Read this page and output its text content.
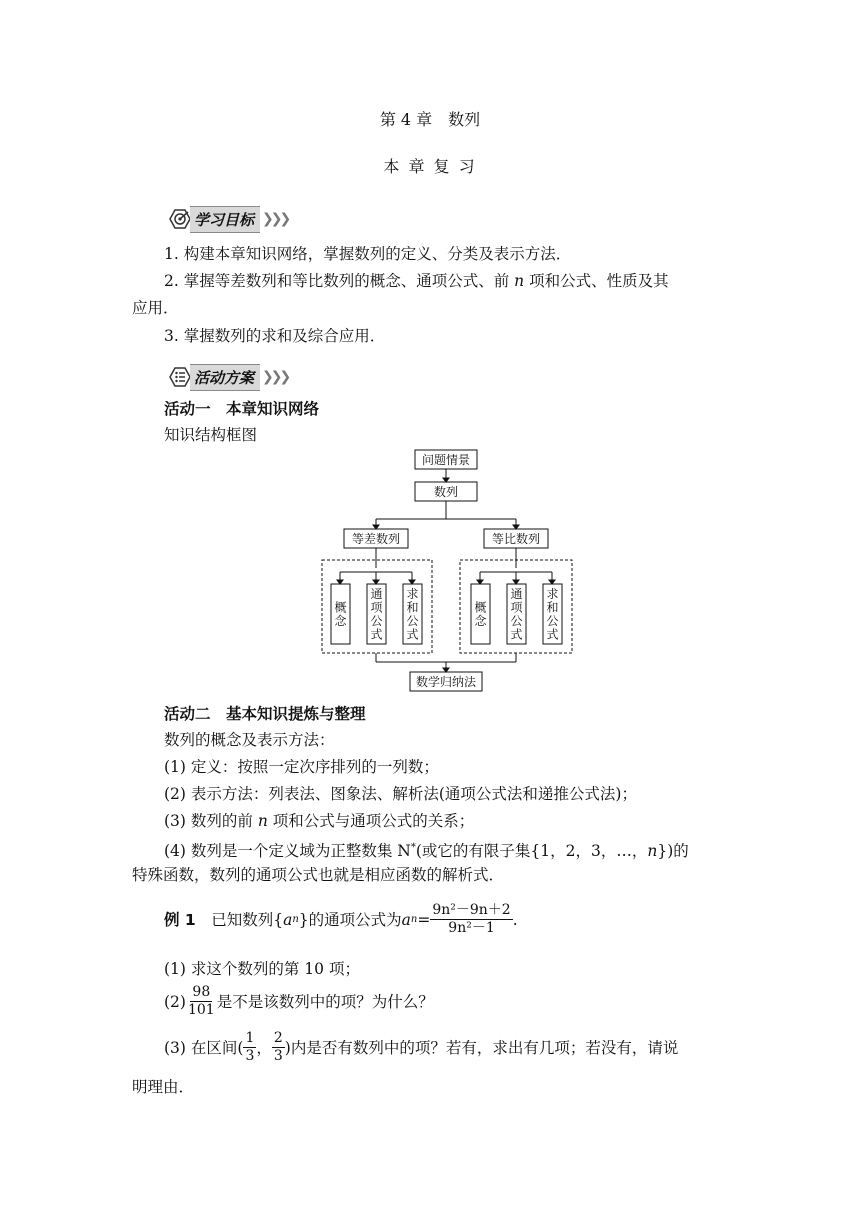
第 4 章　数列
本 章 复 习
学习目标 ❯❯❯
1. 构建本章知识网络，掌握数列的定义、分类及表示方法．
2. 掌握等差数列和等比数列的概念、通项公式、前 n 项和公式、性质及其
应用．
3. 掌握数列的求和及综合应用．
活动方案 ❯❯❯
活动一　本章知识网络
知识结构框图
问题情景
数列
等差数列	等比数列
数学归纳法
概念
通项公式
求和公式
概念
通项公式
求和公式
活动二　基本知识提炼与整理
数列的概念及表示方法：
(1) 定义：按照一定次序排列的一列数；
(2) 表示方法：列表法、图象法、解析法(通项公式法和递推公式法)；
(3) 数列的前 n 项和公式与通项公式的关系；
(4) 数列是一个定义域为正整数集 N*(或它的有限子集{1，2，3，…，n})的
特殊函数，数列的通项公式也就是相应函数的解析式．
例 1 　已知数列{ a n }的通项公式为 a $n = \frac{\text{9n²－9n＋2}}{\text{9n²－1}}$ .
(1) 求这个数列的第 10 项；
$(2) \frac{98}{101}$ 是不是该数列中的项？为什么？
(3) 在区间( $\frac{1}{3}$ ， $\frac{2}{3}$ )内是否有数列中的项？若有，求出有几项；若没有，请说
明理由．
